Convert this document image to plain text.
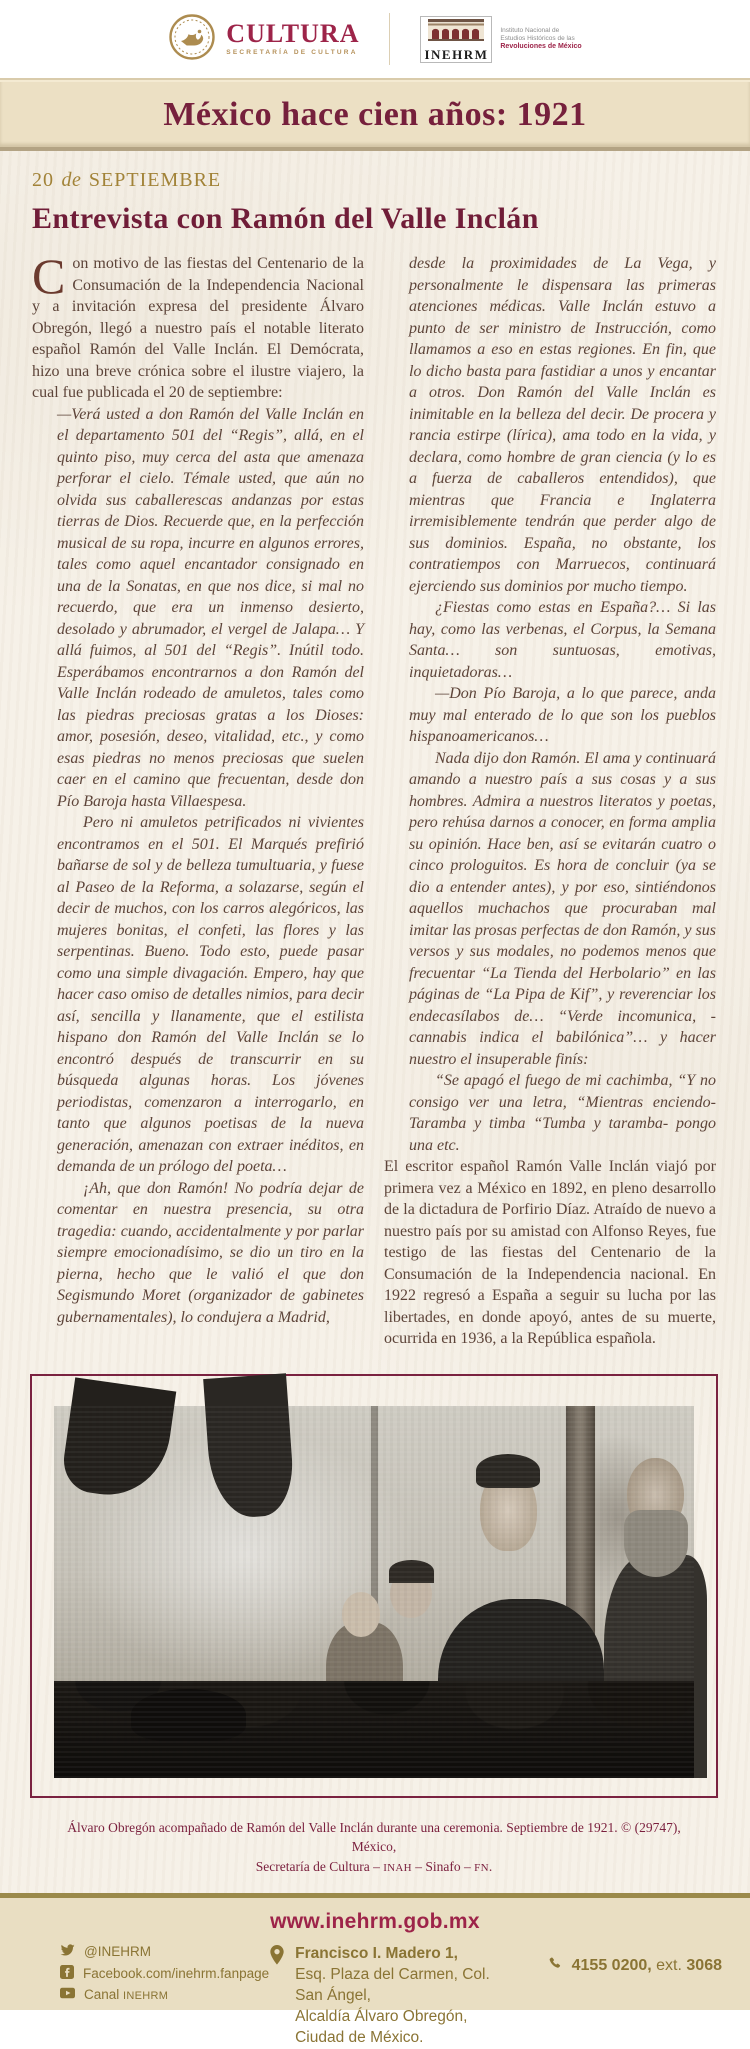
CULTURA
SECRETARÍA DE CULTURA	INEHRM
Instituto Nacional de
Estudios Históricos de las
Revoluciones de México
México hace cien años: 1921
20 de SEPTIEMBRE
Entrevista con Ramón del Valle Inclán

Con motivo de las fiestas del Centenario de la Consumación de la Independencia Nacional y a invitación expresa del presidente Álvaro Obregón, llegó a nuestro país el notable literato español Ramón del Valle Inclán. El Demócrata, hizo una breve crónica sobre el ilustre viajero, la cual fue publicada el 20 de septiembre:

—Verá usted a don Ramón del Valle Inclán en el departamento 501 del “Regis”, allá, en el quinto piso, muy cerca del asta que amenaza perforar el cielo. Témale usted, que aún no olvida sus caballerescas andanzas por estas tierras de Dios. Recuerde que, en la perfección musical de su ropa, incurre en algunos errores, tales como aquel encantador consignado en una de la Sonatas, en que nos dice, si mal no recuerdo, que era un inmenso desierto, desolado y abrumador, el vergel de Jalapa… Y allá fuimos, al 501 del “Regis”. Inútil todo. Esperábamos encontrarnos a don Ramón del Valle Inclán rodeado de amuletos, tales como las piedras preciosas gratas a los Dioses: amor, posesión, deseo, vitalidad, etc., y como esas piedras no menos preciosas que suelen caer en el camino que frecuentan, desde don Pío Baroja hasta Villaespesa.

Pero ni amuletos petrificados ni vivientes encontramos en el 501. El Marqués prefirió bañarse de sol y de belleza tumultuaria, y fuese al Paseo de la Reforma, a solazarse, según el decir de muchos, con los carros alegóricos, las mujeres bonitas, el confeti, las flores y las serpentinas. Bueno. Todo esto, puede pasar como una simple divagación. Empero, hay que hacer caso omiso de detalles nimios, para decir así, sencilla y llanamente, que el estilista hispano don Ramón del Valle Inclán se lo encontró después de transcurrir en su búsqueda algunas horas. Los jóvenes periodistas, comenzaron a interrogarlo, en tanto que algunos poetisas de la nueva generación, amenazan con extraer inéditos, en demanda de un prólogo del poeta…

¡Ah, que don Ramón! No podría dejar de comentar en nuestra presencia, su otra tragedia: cuando, accidentalmente y por parlar siempre emocionadísimo, se dio un tiro en la pierna, hecho que le valió el que don Segismundo Moret (organizador de gabinetes gubernamentales), lo condujera a Madrid,

desde la proximidades de La Vega, y personalmente le dispensara las primeras atenciones médicas. Valle Inclán estuvo a punto de ser ministro de Instrucción, como llamamos a eso en estas regiones. En fin, que lo dicho basta para fastidiar a unos y encantar a otros. Don Ramón del Valle Inclán es inimitable en la belleza del decir. De procera y rancia estirpe (lírica), ama todo en la vida, y declara, como hombre de gran ciencia (y lo es a fuerza de caballeros entendidos), que mientras que Francia e Inglaterra irremisiblemente tendrán que perder algo de sus dominios. España, no obstante, los contratiempos con Marruecos, continuará ejerciendo sus dominios por mucho tiempo.

¿Fiestas como estas en España?… Si las hay, como las verbenas, el Corpus, la Semana Santa… son suntuosas, emotivas, inquietadoras…

—Don Pío Baroja, a lo que parece, anda muy mal enterado de lo que son los pueblos hispanoamericanos…

Nada dijo don Ramón. El ama y continuará amando a nuestro país a sus cosas y a sus hombres. Admira a nuestros literatos y poetas, pero rehúsa darnos a conocer, en forma amplia su opinión. Hace ben, así se evitarán cuatro o cinco prologuitos. Es hora de concluir (ya se dio a entender antes), y por eso, sintiéndonos aquellos muchachos que procuraban mal imitar las prosas perfectas de don Ramón, y sus versos y sus modales, no podemos menos que frecuentar “La Tienda del Herbolario” en las páginas de “La Pipa de Kif”, y reverenciar los endecasílabos de… “Verde incomunica, -cannabis indica el babilónica”… y hacer nuestro el insuperable finís:

“Se apagó el fuego de mi cachimba, “Y no consigo ver una letra, “Mientras enciendo-Taramba y timba “Tumba y taramba- pongo una etc.

El escritor español Ramón Valle Inclán viajó por primera vez a México en 1892, en pleno desarrollo de la dictadura de Porfirio Díaz. Atraído de nuevo a nuestro país por su amistad con Alfonso Reyes, fue testigo de las fiestas del Centenario de la Consumación de la Independencia nacional. En 1922 regresó a España a seguir su lucha por las libertades, en donde apoyó, antes de su muerte, ocurrida en 1936, a la República española.

Álvaro Obregón acompañado de Ramón del Valle Inclán durante una ceremonia. Septiembre de 1921. © (29747), México,
Secretaría de Cultura – INAH – Sinafo – FN.
www.inehrm.gob.mx
@INEHRM
Facebook.com/inehrm.fanpage
Canal INEHRM
Francisco I. Madero 1,
Esq. Plaza del Carmen, Col. San Ángel,
Alcaldía Álvaro Obregón, Ciudad de México.
4155 0200, ext. 3068
